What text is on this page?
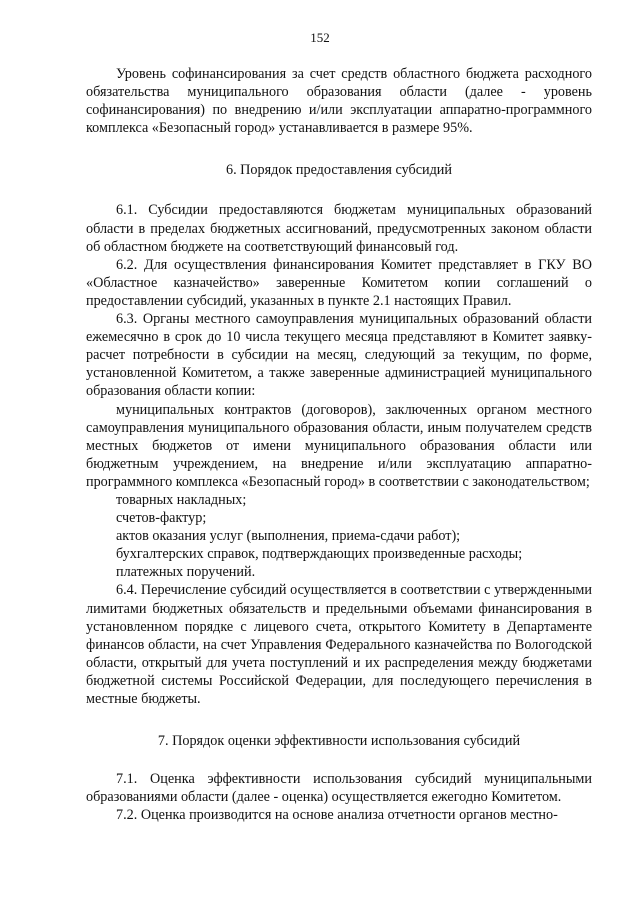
152

Уровень софинансирования за счет средств областного бюджета расходного обязательства муниципального образования области (далее - уровень софинансирования) по внедрению и/или эксплуатации аппаратно-программного комплекса «Безопасный город» устанавливается в размере 95%.

6. Порядок предоставления субсидий

6.1. Субсидии предоставляются бюджетам муниципальных образований области в пределах бюджетных ассигнований, предусмотренных законом области об областном бюджете на соответствующий финансовый год.

6.2. Для осуществления финансирования Комитет представляет в ГКУ ВО «Областное казначейство» заверенные Комитетом копии соглашений о предоставлении субсидий, указанных в пункте 2.1 настоящих Правил.

6.3. Органы местного самоуправления муниципальных образований области ежемесячно в срок до 10 числа текущего месяца представляют в Комитет заявку-расчет потребности в субсидии на месяц, следующий за текущим, по форме, установленной Комитетом, а также заверенные администрацией муниципального образования области копии:

муниципальных контрактов (договоров), заключенных органом местного самоуправления муниципального образования области, иным получателем средств местных бюджетов от имени муниципального образования области или бюджетным учреждением, на внедрение и/или эксплуатацию аппаратно-программного комплекса «Безопасный город» в соответствии с законодательством;

товарных накладных;

счетов-фактур;

актов оказания услуг (выполнения, приема-сдачи работ);

бухгалтерских справок, подтверждающих произведенные расходы;

платежных поручений.

6.4. Перечисление субсидий осуществляется в соответствии с утвержденными лимитами бюджетных обязательств и предельными объемами финансирования в установленном порядке с лицевого счета, открытого Комитету в Департаменте финансов области, на счет Управления Федерального казначейства по Вологодской области, открытый для учета поступлений и их распределения между бюджетами бюджетной системы Российской Федерации, для последующего перечисления в местные бюджеты.

7. Порядок оценки эффективности использования субсидий

7.1. Оценка эффективности использования субсидий муниципальными образованиями области (далее - оценка) осуществляется ежегодно Комитетом.

7.2. Оценка производится на основе анализа отчетности органов местно-
